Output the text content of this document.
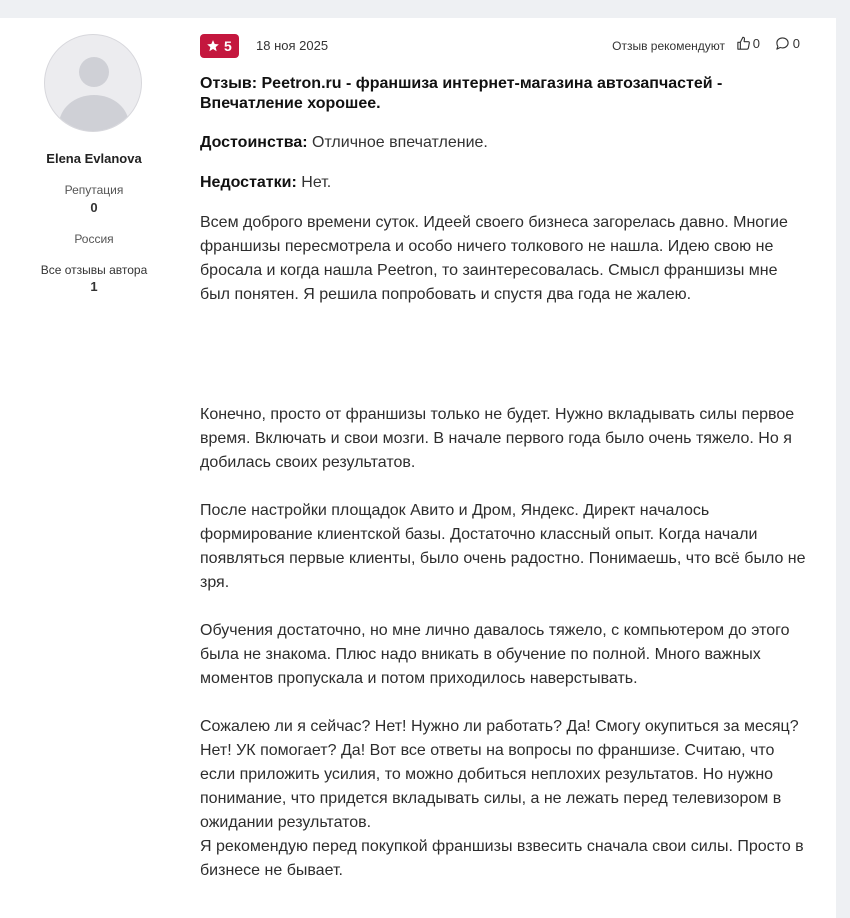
Elena Evlanova
Репутация
0
Россия
Все отзывы автора
1
5 18 ноя 2025	Отзыв рекомендуют 0	0
Отзыв: Peetron.ru - франшиза интернет-магазина автозапчастей - Впечатление хорошее.
Достоинства: Отличное впечатление.
Недостатки: Нет.
Всем доброго времени суток. Идеей своего бизнеса загорелась давно. Многие франшизы пересмотрела и особо ничего толкового не нашла. Идею свою не бросала и когда нашла Peetron, то заинтересовалась. Смысл франшизы мне был понятен. Я решила попробовать и спустя два года не жалею.
Конечно, просто от франшизы только не будет. Нужно вкладывать силы первое время. Включать и свои мозги. В начале первого года было очень тяжело. Но я добилась своих результатов.
После настройки площадок Авито и Дром, Яндекс. Директ началось формирование клиентской базы. Достаточно классный опыт. Когда начали появляться первые клиенты, было очень радостно. Понимаешь, что всё было не зря.
Обучения достаточно, но мне лично давалось тяжело, с компьютером до этого была не знакома. Плюс надо вникать в обучение по полной. Много важных моментов пропускала и потом приходилось наверстывать.
Сожалею ли я сейчас? Нет! Нужно ли работать? Да! Смогу окупиться за месяц? Нет! УК помогает? Да! Вот все ответы на вопросы по франшизе. Считаю, что если приложить усилия, то можно добиться неплохих результатов. Но нужно понимание, что придется вкладывать силы, а не лежать перед телевизором в ожидании результатов.
Я рекомендую перед покупкой франшизы взвесить сначала свои силы. Просто в бизнесе не бывает.
